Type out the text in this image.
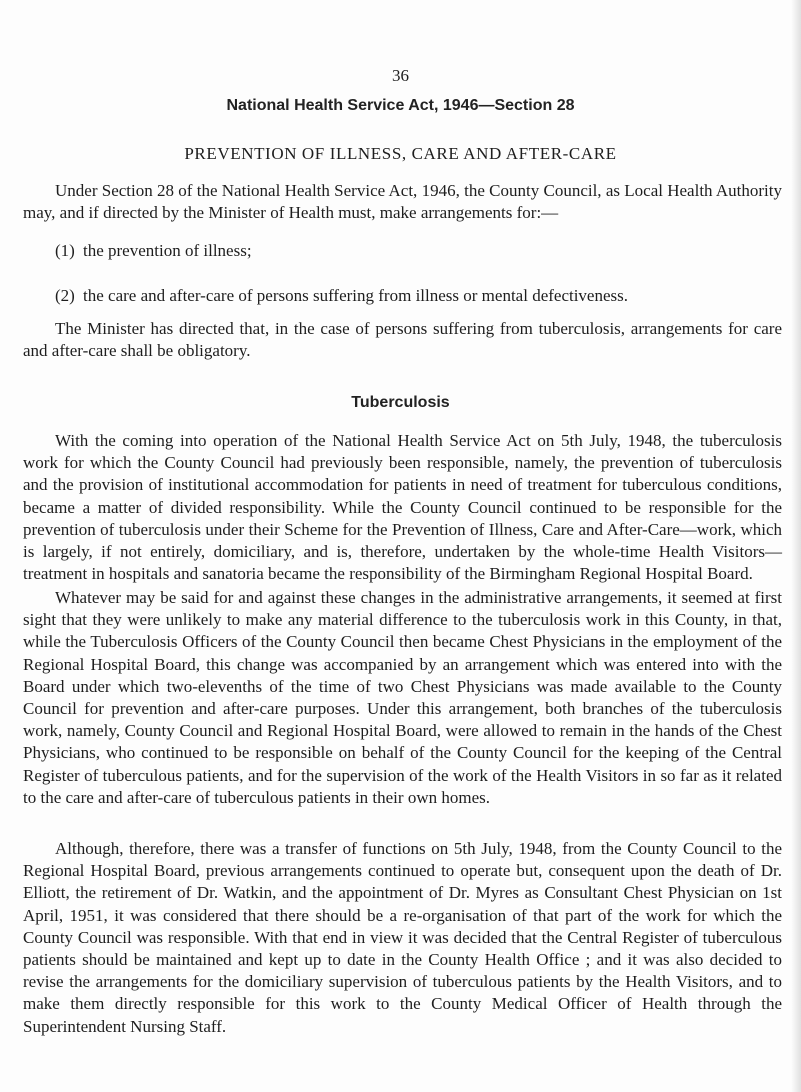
36
National Health Service Act, 1946—Section 28
PREVENTION OF ILLNESS, CARE AND AFTER-CARE

Under Section 28 of the National Health Service Act, 1946, the County Council, as Local Health Authority may, and if directed by the Minister of Health must, make arrangements for:—

(1) the prevention of illness;

(2) the care and after-care of persons suffering from illness or mental defectiveness.

The Minister has directed that, in the case of persons suffering from tuberculosis, arrangements for care and after-care shall be obligatory.

Tuberculosis

With the coming into operation of the National Health Service Act on 5th July, 1948, the tuberculosis work for which the County Council had previously been responsible, namely, the prevention of tuberculosis and the provision of institutional accommodation for patients in need of treatment for tuberculous conditions, became a matter of divided responsibility. While the County Council continued to be responsible for the prevention of tuberculosis under their Scheme for the Prevention of Illness, Care and After-Care—work, which is largely, if not entirely, domiciliary, and is, therefore, undertaken by the whole-time Health Visitors—treatment in hospitals and sanatoria became the responsibility of the Birmingham Regional Hospital Board.

Whatever may be said for and against these changes in the administrative arrangements, it seemed at first sight that they were unlikely to make any material difference to the tuberculosis work in this County, in that, while the Tuberculosis Officers of the County Council then became Chest Physicians in the employment of the Regional Hospital Board, this change was accompanied by an arrangement which was entered into with the Board under which two-elevenths of the time of two Chest Physicians was made available to the County Council for prevention and after-care purposes. Under this arrangement, both branches of the tuberculosis work, namely, County Council and Regional Hospital Board, were allowed to remain in the hands of the Chest Physicians, who continued to be responsible on behalf of the County Council for the keeping of the Central Register of tuberculous patients, and for the supervision of the work of the Health Visitors in so far as it related to the care and after-care of tuberculous patients in their own homes.

Although, therefore, there was a transfer of functions on 5th July, 1948, from the County Council to the Regional Hospital Board, previous arrangements continued to operate but, consequent upon the death of Dr. Elliott, the retirement of Dr. Watkin, and the appointment of Dr. Myres as Consultant Chest Physician on 1st April, 1951, it was considered that there should be a re-organisation of that part of the work for which the County Council was responsible. With that end in view it was decided that the Central Register of tuberculous patients should be maintained and kept up to date in the County Health Office ; and it was also decided to revise the arrangements for the domiciliary supervision of tuberculous patients by the Health Visitors, and to make them directly responsible for this work to the County Medical Officer of Health through the Superintendent Nursing Staff.
